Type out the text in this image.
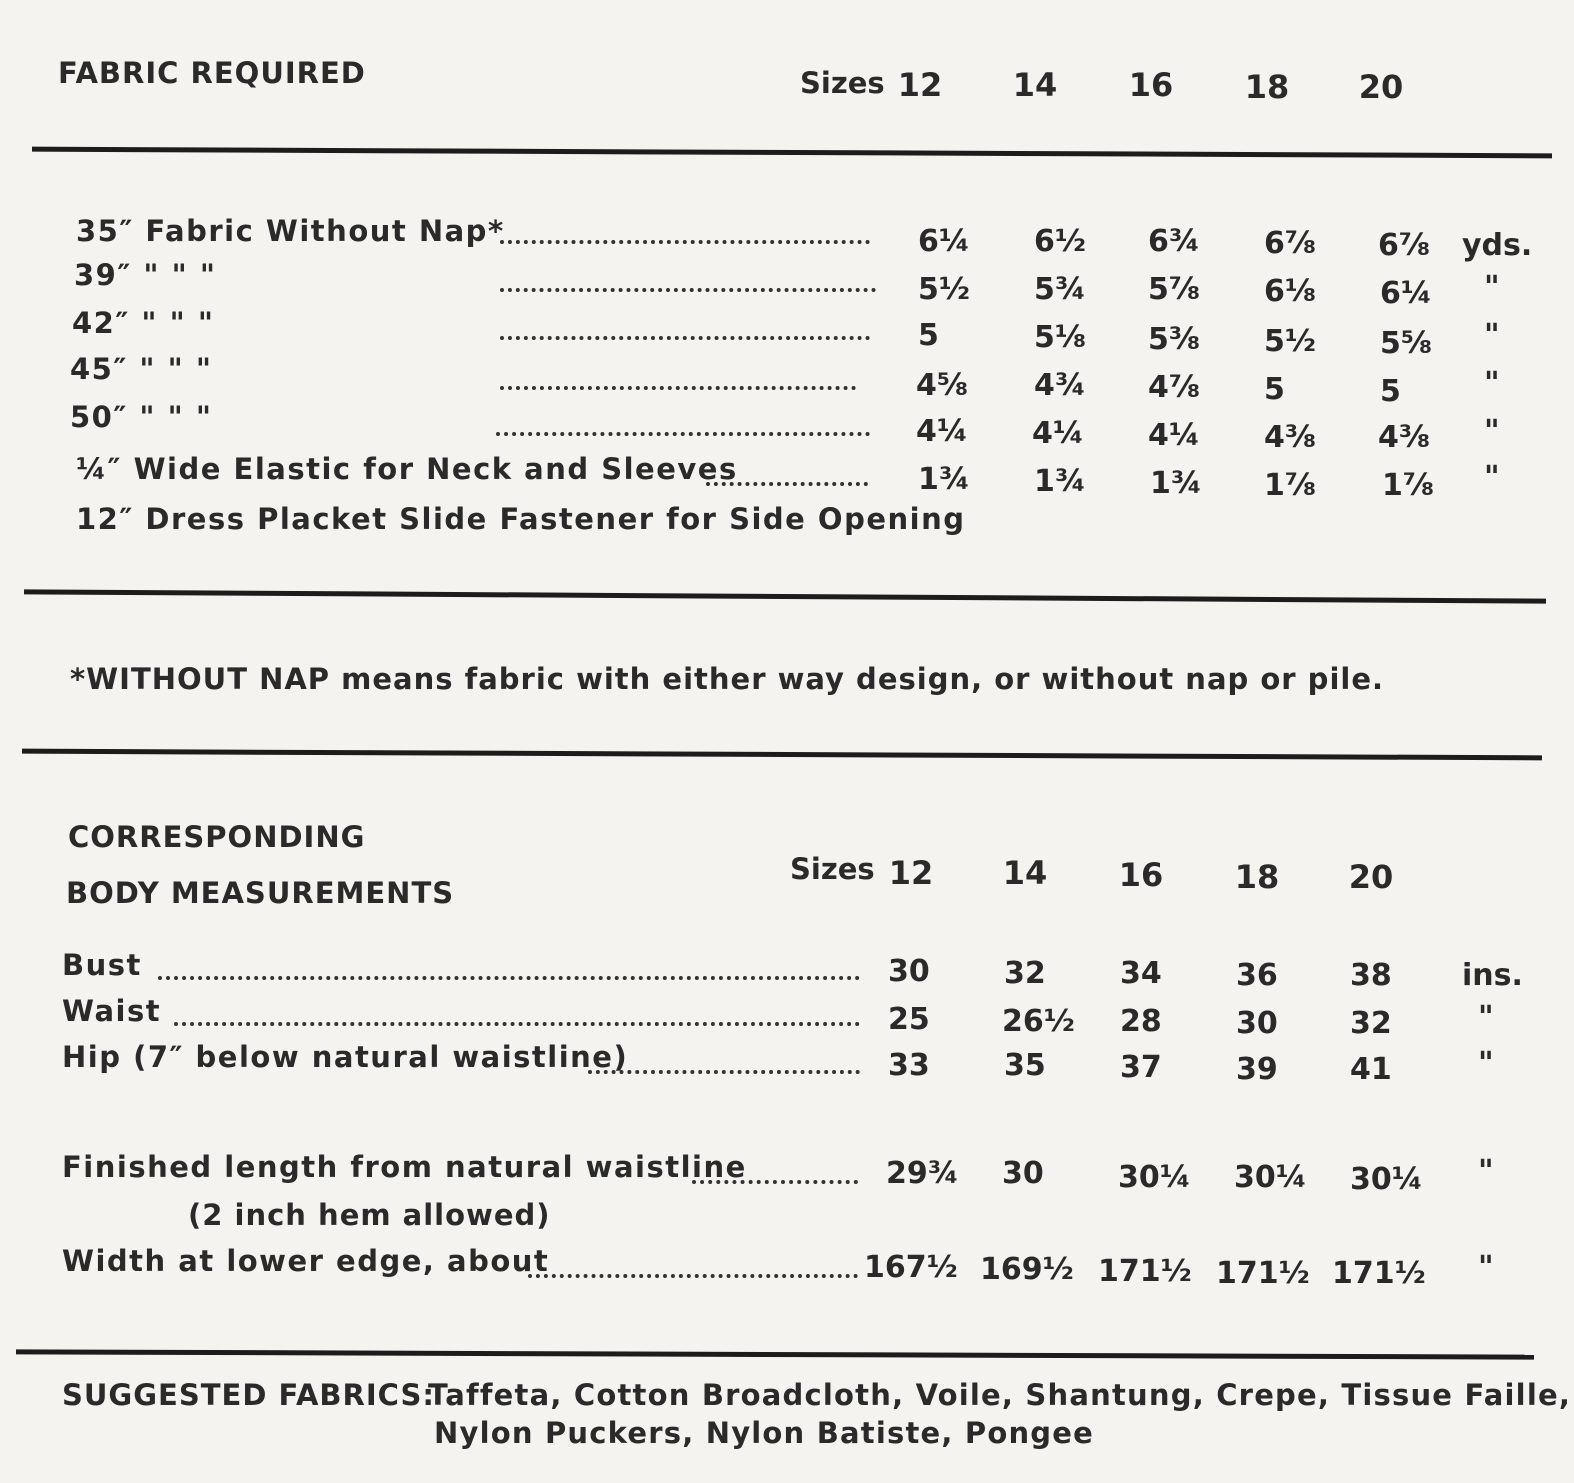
FABRIC REQUIRED	Sizes 12	14	16	18	20
35″ Fabric Without Nap*	6¼	6½	6¾	6⅞	6⅞	yds.
39″ " " "	5½	5¾	5⅞	6⅛	6¼	"
42″ " " "	5	5⅛	5⅜	5½	5⅝	"
45″ " " "	4⅝	4¾	4⅞	5	5	"
50″ " " "	4¼	4¼	4¼	4⅜	4⅜	"
¼″ Wide Elastic for Neck and Sleeves	1¾	1¾	1¾	1⅞	1⅞	"
12″ Dress Placket Slide Fastener for Side Opening
*WITHOUT NAP means fabric with either way design, or without nap or pile.
CORRESPONDING
BODY MEASUREMENTS
Sizes 12	14	16	18	20
Bust	30	32	34	36	38	ins.
Waist	25	26½	28	30	32	"
Hip (7″ below natural waistline)	33	35	37	39	41	"
Finished length from natural waistline	29¾	30	30¼	30¼	30¼	"
(2 inch hem allowed)
Width at lower edge, about	167½ 169½ 171½ 171½ 171½	"
SUGGESTED FABRICS:
Taffeta, Cotton Broadcloth, Voile, Shantung, Crepe, Tissue Faille,
Nylon Puckers, Nylon Batiste, Pongee
